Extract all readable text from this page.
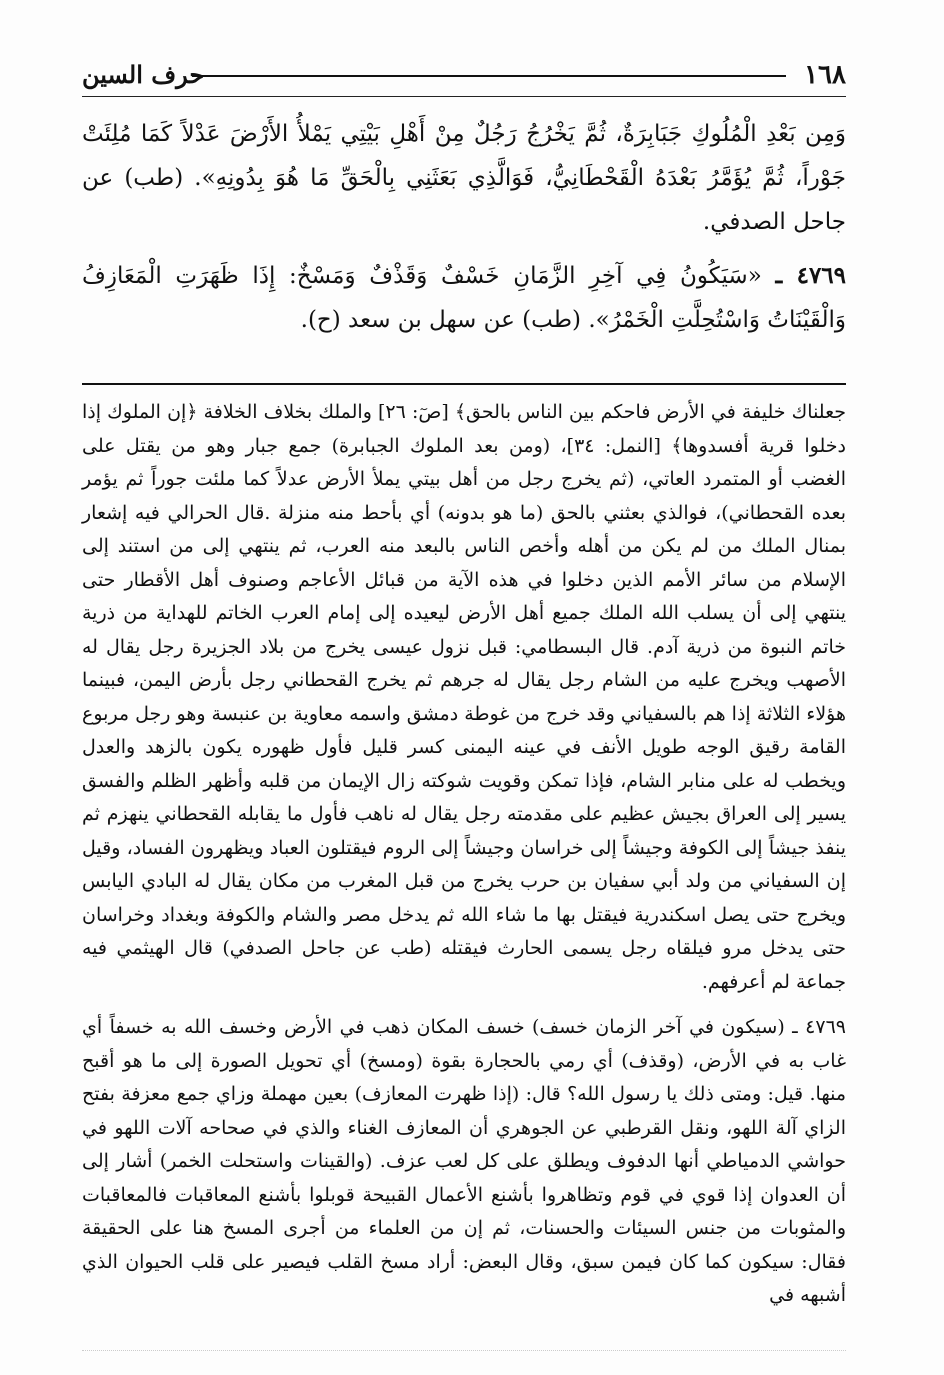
١٦٨
حرف السين

وَمِن بَعْدِ الْمُلُوكِ جَبَابِرَةٌ، ثُمَّ يَخْرُجُ رَجُلٌ مِنْ أَهْلِ بَيْتِي يَمْلأُ الأَرْضَ عَدْلاً كَمَا مُلِئَتْ جَوْراً، ثُمَّ يُؤَمَّرُ بَعْدَهُ الْقَحْطَانِيُّ، فَوَالَّذِي بَعَثَنِي بِالْحَقِّ مَا هُوَ بِدُونِهِ». (طب) عن جاحل الصدفي.

٤٧٦٩ ـ «سَيَكُونُ فِي آخِرِ الزَّمَانِ خَسْفٌ وَقَذْفٌ وَمَسْخٌ: إِذَا ظَهَرَتِ الْمَعَازِفُ وَالْقَيْنَاتُ وَاسْتُحِلَّتِ الْخَمْرُ». (طب) عن سهل بن سعد (ح).

جعلناك خليفة في الأرض فاحكم بين الناس بالحق﴾ [صٓ: ٢٦] والملك بخلاف الخلافة ﴿إن الملوك إذا دخلوا قرية أفسدوها﴾ [النمل: ٣٤]، (ومن بعد الملوك الجبابرة) جمع جبار وهو من يقتل على الغضب أو المتمرد العاتي، (ثم يخرج رجل من أهل بيتي يملأ الأرض عدلاً كما ملئت جوراً ثم يؤمر بعده القحطاني)، فوالذي بعثني بالحق (ما هو بدونه) أي بأحط منه منزلة .قال الحرالي فيه إشعار بمنال الملك من لم يكن من أهله وأخص الناس بالبعد منه العرب، ثم ينتهي إلى من استند إلى الإسلام من سائر الأمم الذين دخلوا في هذه الآية من قبائل الأعاجم وصنوف أهل الأقطار حتى ينتهي إلى أن يسلب الله الملك جميع أهل الأرض ليعيده إلى إمام العرب الخاتم للهداية من ذرية خاتم النبوة من ذرية آدم. قال البسطامي: قبل نزول عيسى يخرج من بلاد الجزيرة رجل يقال له الأصهب ويخرج عليه من الشام رجل يقال له جرهم ثم يخرج القحطاني رجل بأرض اليمن، فبينما هؤلاء الثلاثة إذا هم بالسفياني وقد خرج من غوطة دمشق واسمه معاوية بن عنبسة وهو رجل مربوع القامة رقيق الوجه طويل الأنف في عينه اليمنى كسر قليل فأول ظهوره يكون بالزهد والعدل ويخطب له على منابر الشام، فإذا تمكن وقويت شوكته زال الإيمان من قلبه وأظهر الظلم والفسق يسير إلى العراق بجيش عظيم على مقدمته رجل يقال له ناهب فأول ما يقابله القحطاني ينهزم ثم ينفذ جيشاً إلى الكوفة وجيشاً إلى خراسان وجيشاً إلى الروم فيقتلون العباد ويظهرون الفساد، وقيل إن السفياني من ولد أبي سفيان بن حرب يخرج من قبل المغرب من مكان يقال له البادي اليابس ويخرج حتى يصل اسكندرية فيقتل بها ما شاء الله ثم يدخل مصر والشام والكوفة وبغداد وخراسان حتى يدخل مرو فيلقاه رجل يسمى الحارث فيقتله (طب عن جاحل الصدفي) قال الهيثمي فيه جماعة لم أعرفهم.

٤٧٦٩ ـ (سيكون في آخر الزمان خسف) خسف المكان ذهب في الأرض وخسف الله به خسفاً أي غاب به في الأرض، (وقذف) أي رمي بالحجارة بقوة (ومسخ) أي تحويل الصورة إلى ما هو أقبح منها. قيل: ومتى ذلك يا رسول الله؟ قال: (إذا ظهرت المعازف) بعين مهملة وزاي جمع معزفة بفتح الزاي آلة اللهو، ونقل القرطبي عن الجوهري أن المعازف الغناء والذي في صحاحه آلات اللهو في حواشي الدمياطي أنها الدفوف ويطلق على كل لعب عزف. (والقينات واستحلت الخمر) أشار إلى أن العدوان إذا قوي في قوم وتظاهروا بأشنع الأعمال القبيحة قوبلوا بأشنع المعاقبات فالمعاقبات والمثوبات من جنس السيئات والحسنات، ثم إن من العلماء من أجرى المسخ هنا على الحقيقة فقال: سيكون كما كان فيمن سبق، وقال البعض: أراد مسخ القلب فيصير على قلب الحيوان الذي أشبهه في
